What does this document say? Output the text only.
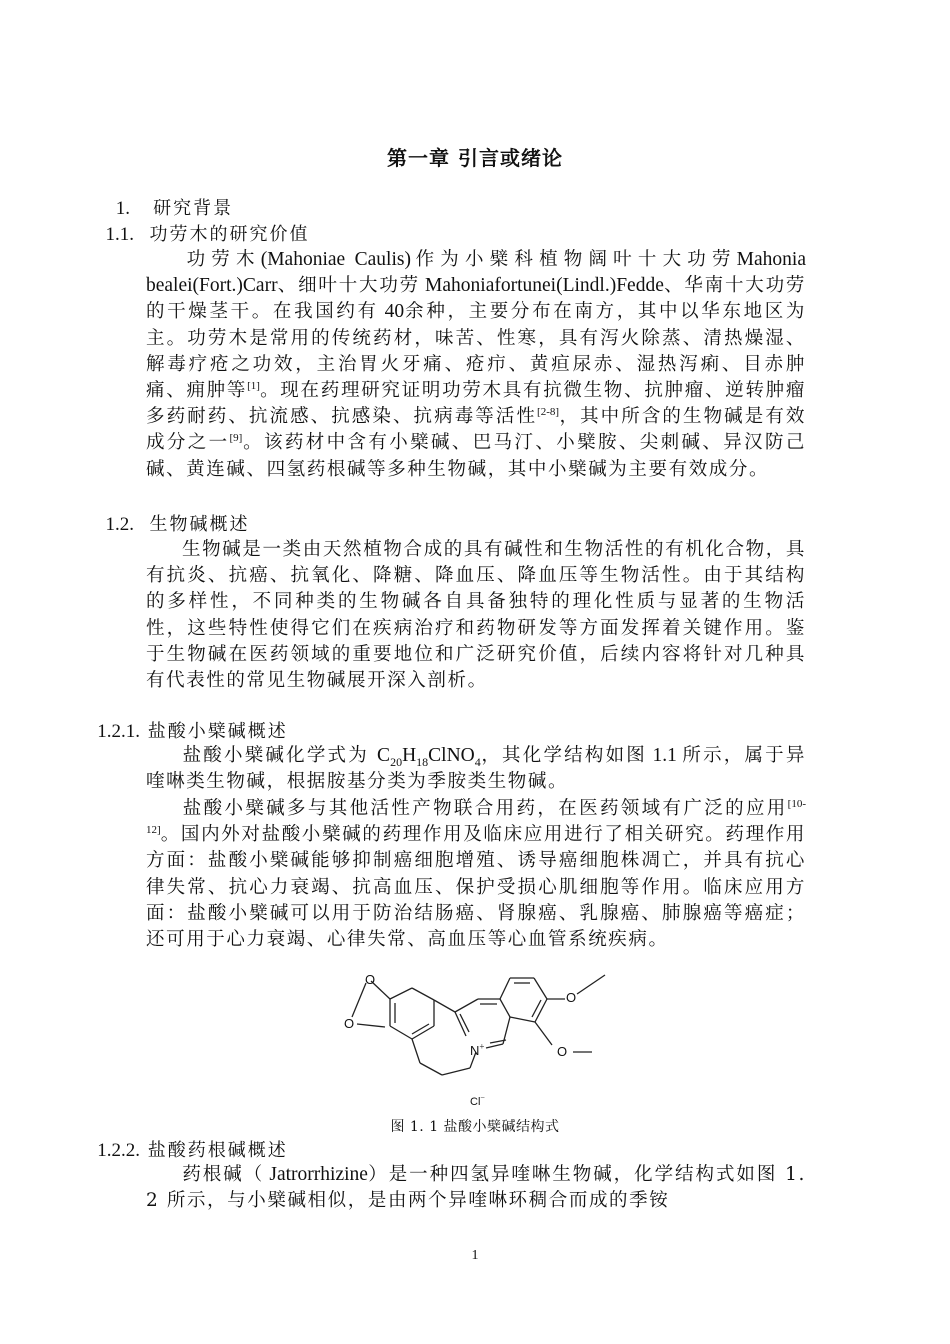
第一章 引言或绪论
1. 研究背景
1.1. 功劳木的研究价值
功劳木(Mahoniae Caulis)作为小檗科植物阔叶十大功劳Mahonia bealei(Fort.)Carr、细叶十大功劳 Mahoniafortunei(Lindl.)Fedde、华南十大功劳的干燥茎干。在我国约有 40余种，主要分布在南方，其中以华东地区为主。功劳木是常用的传统药材，味苦、性寒，具有泻火除蒸、清热燥湿、解毒疗疮之功效，主治胃火牙痛、疮疖、黄疸尿赤、湿热泻痢、目赤肿痛、痈肿等[1]。现在药理研究证明功劳木具有抗微生物、抗肿瘤、逆转肿瘤多药耐药、抗流感、抗感染、抗病毒等活性[2-8]，其中所含的生物碱是有效成分之一[9]。该药材中含有小檗碱、巴马汀、小檗胺、尖刺碱、异汉防己碱、黄连碱、四氢药根碱等多种生物碱，其中小檗碱为主要有效成分。
1.2. 生物碱概述
生物碱是一类由天然植物合成的具有碱性和生物活性的有机化合物，具有抗炎、抗癌、抗氧化、降糖、降血压、降血压等生物活性。由于其结构的多样性，不同种类的生物碱各自具备独特的理化性质与显著的生物活性，这些特性使得它们在疾病治疗和药物研发等方面发挥着关键作用。鉴于生物碱在医药领域的重要地位和广泛研究价值，后续内容将针对几种具有代表性的常见生物碱展开深入剖析。
1.2.1. 盐酸小檗碱概述
盐酸小檗碱化学式为 $C_{20}H_{18}ClNO_4$，其化学结构如图 1.1 所示，属于异喹啉类生物碱，根据胺基分类为季胺类生物碱。
盐酸小檗碱多与其他活性产物联合用药，在医药领域有广泛的应用[10-12]。国内外对盐酸小檗碱的药理作用及临床应用进行了相关研究。药理作用方面：盐酸小檗碱能够抑制癌细胞增殖、诱导癌细胞株凋亡，并具有抗心律失常、抗心力衰竭、抗高血压、保护受损心肌细胞等作用。临床应用方面：盐酸小檗碱可以用于防治结肠癌、肾腺癌、乳腺癌、肺腺癌等癌症；还可用于心力衰竭、心律失常、高血压等心血管系统疾病。
O
O
O
O
N+
Cl−
图 1. 1 盐酸小檗碱结构式
1.2.2. 盐酸药根碱概述
药根碱（ Jatrorrhizine）是一种四氢异喹啉生物碱，化学结构式如图 1. 2 所示，与小檗碱相似，是由两个异喹啉环稠合而成的季铵
1
